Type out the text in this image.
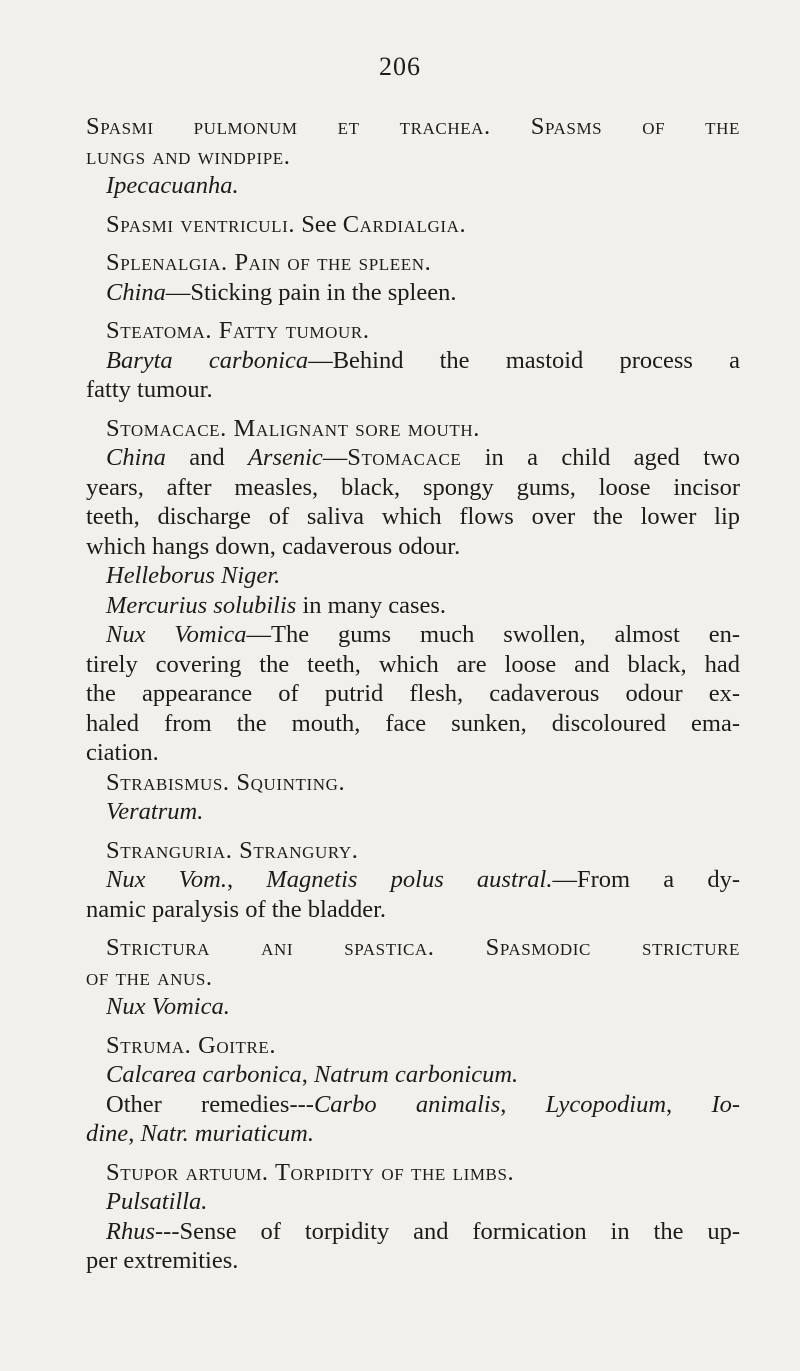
206
Spasmi pulmonum et trachea. Spasms of the
lungs and windpipe.
Ipecacuanha.
Spasmi ventriculi. See Cardialgia.
Splenalgia. Pain of the spleen.
China—Sticking pain in the spleen.
Steatoma. Fatty tumour.
Baryta carbonica—Behind the mastoid process a
fatty tumour.
Stomacace. Malignant sore mouth.
China and Arsenic—Stomacace in a child aged two
years, after measles, black, spongy gums, loose incisor
teeth, discharge of saliva which flows over the lower lip
which hangs down, cadaverous odour.
Helleborus Niger.
Mercurius solubilis in many cases.
Nux Vomica—The gums much swollen, almost en-
tirely covering the teeth, which are loose and black, had
the appearance of putrid flesh, cadaverous odour ex-
haled from the mouth, face sunken, discoloured ema-
ciation.
Strabismus. Squinting.
Veratrum.
Stranguria. Strangury.
Nux Vom., Magnetis polus austral.—From a dy-
namic paralysis of the bladder.
Strictura ani spastica. Spasmodic stricture
of the anus.
Nux Vomica.
Struma. Goitre.
Calcarea carbonica, Natrum carbonicum.
Other remedies---Carbo animalis, Lycopodium, Io-
dine, Natr. muriaticum.
Stupor artuum. Torpidity of the limbs.
Pulsatilla.
Rhus---Sense of torpidity and formication in the up-
per extremities.
